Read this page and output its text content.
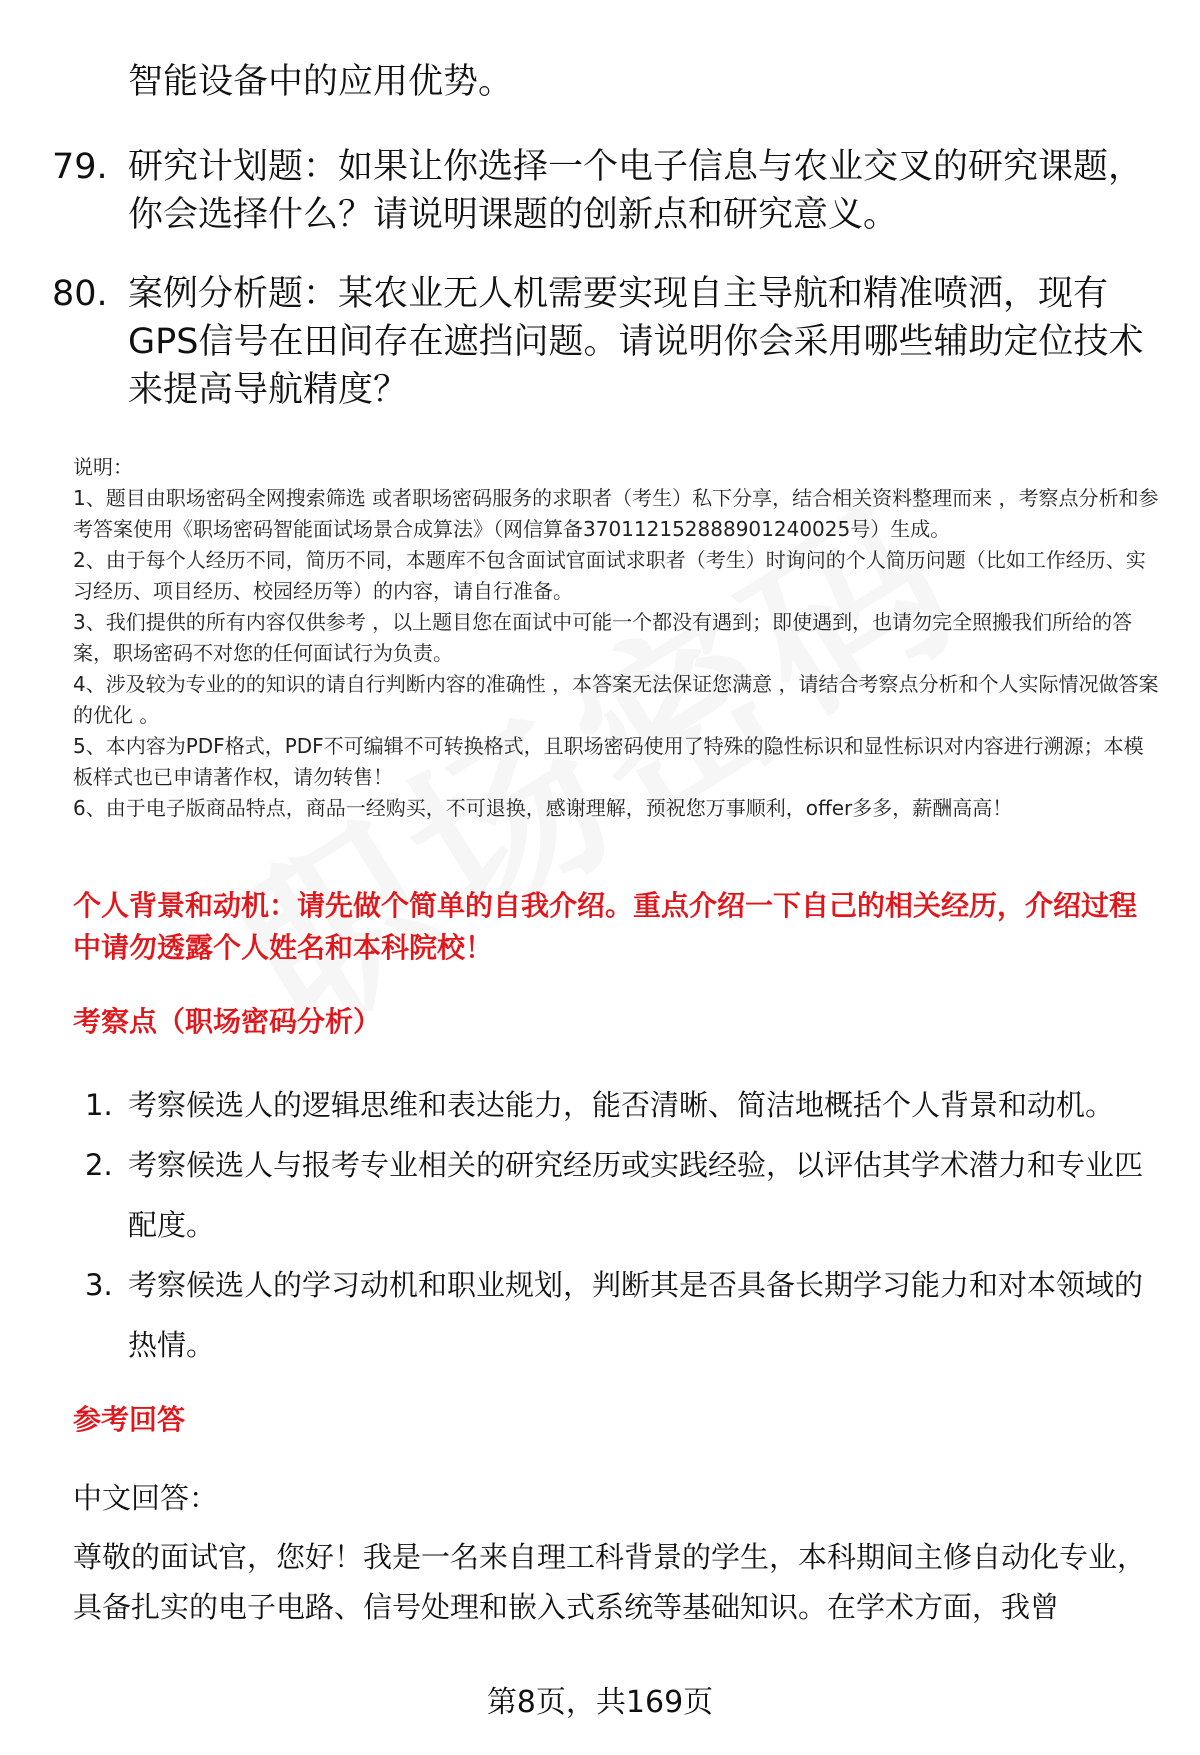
智能设备中的应用优势。
79. 研究计划题：如果让你选择一个电子信息与农业交叉的研究课题，你会选择什么？请说明课题的创新点和研究意义。
80. 案例分析题：某农业无人机需要实现自主导航和精准喷洒，现有GPS信号在田间存在遮挡问题。请说明你会采用哪些辅助定位技术来提高导航精度？
说明：
1、题目由职场密码全网搜索筛选 或者职场密码服务的求职者（考生）私下分享，结合相关资料整理而来 ，考察点分析和参考答案使用《职场密码智能面试场景合成算法》（网信算备370112152888901240025号）生成。
2、由于每个人经历不同，简历不同，本题库不包含面试官面试求职者（考生）时询问的个人简历问题（比如工作经历、实习经历、项目经历、校园经历等）的内容，请自行准备。
3、我们提供的所有内容仅供参考 ，以上题目您在面试中可能一个都没有遇到；即使遇到，也请勿完全照搬我们所给的答案，职场密码不对您的任何面试行为负责。
4、涉及较为专业的的知识的请自行判断内容的准确性 ，本答案无法保证您满意 ，请结合考察点分析和个人实际情况做答案的优化 。
5、本内容为PDF格式，PDF不可编辑不可转换格式，且职场密码使用了特殊的隐性标识和显性标识对内容进行溯源；本模板样式也已申请著作权，请勿转售！
6、由于电子版商品特点，商品一经购买，不可退换，感谢理解，预祝您万事顺利，offer多多，薪酬高高！
个人背景和动机：请先做个简单的自我介绍。重点介绍一下自己的相关经历，介绍过程中请勿透露个人姓名和本科院校！
考察点（职场密码分析）
1. 考察候选人的逻辑思维和表达能力，能否清晰、简洁地概括个人背景和动机。
2. 考察候选人与报考专业相关的研究经历或实践经验，以评估其学术潜力和专业匹配度。
3. 考察候选人的学习动机和职业规划，判断其是否具备长期学习能力和对本领域的热情。
参考回答
中文回答：
尊敬的面试官，您好！我是一名来自理工科背景的学生，本科期间主修自动化专业，具备扎实的电子电路、信号处理和嵌入式系统等基础知识。在学术方面，我曾
第8页，共169页
